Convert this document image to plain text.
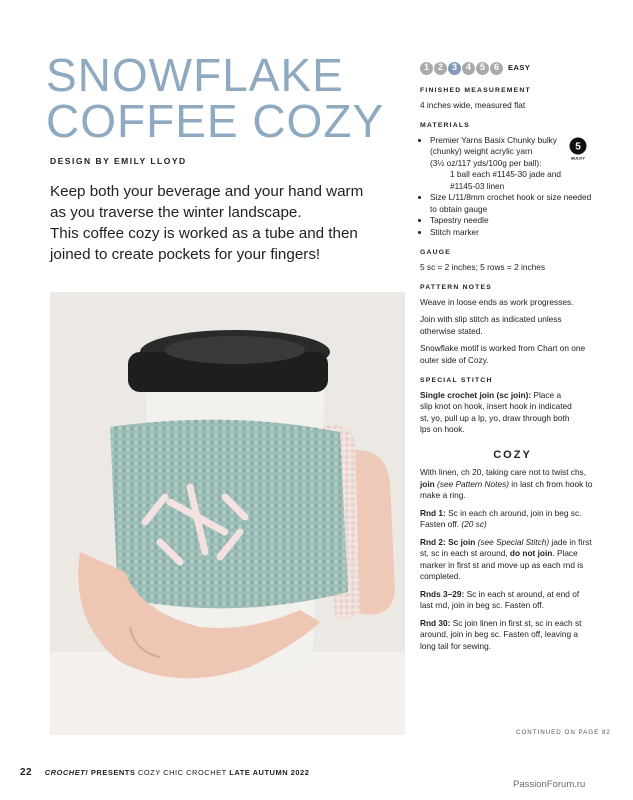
SNOWFLAKE
COFFEE COZY
DESIGN BY EMILY LLOYD
Keep both your beverage and your hand warm
as you traverse the winter landscape.
This coffee cozy is worked as a tube and then
joined to create pockets for your fingers!
1 2 3 4 5 6	EASY
FINISHED MEASUREMENT
4 inches wide, measured flat
MATERIALS
• Premier Yarns Basix Chunky bulky
(chunky) weight acrylic yarn
(3½ oz/117 yds/100g per ball):
1 ball each #1145-30 jade and
#1145-03 linen
• Size L/11/8mm crochet hook or size needed
to obtain gauge
• Tapestry needle
• Stitch marker
5
BULKY
GAUGE
5 sc = 2 inches; 5 rows = 2 inches
PATTERN NOTES
Weave in loose ends as work progresses.
Join with slip stitch as indicated unless
otherwise stated.
Snowflake motif is worked from Chart on one
outer side of Cozy.
SPECIAL STITCH
Single crochet join (sc join): Place a
slip knot on hook, insert hook in indicated
st, yo, pull up a lp, yo, draw through both
lps on hook.
COZY
With linen, ch 20, taking care not to twist chs,
join (see Pattern Notes) in last ch from hook to
make a ring.
Rnd 1: Sc in each ch around, join in beg sc.
Fasten off. (20 sc)
Rnd 2: Sc join (see Special Stitch) jade in first
st, sc in each st around, do not join. Place
marker in first st and move up as each rnd is
completed.
Rnds 3–29: Sc in each st around, at end of
last rnd, join in beg sc. Fasten off.
Rnd 30: Sc join linen in first st, sc in each st
around, join in beg sc. Fasten off, leaving a
long tail for sewing.
CONTINUED ON PAGE 82
22 CROCHET! PRESENTS COZY CHIC CROCHET LATE AUTUMN 2022
PassionForum.ru
